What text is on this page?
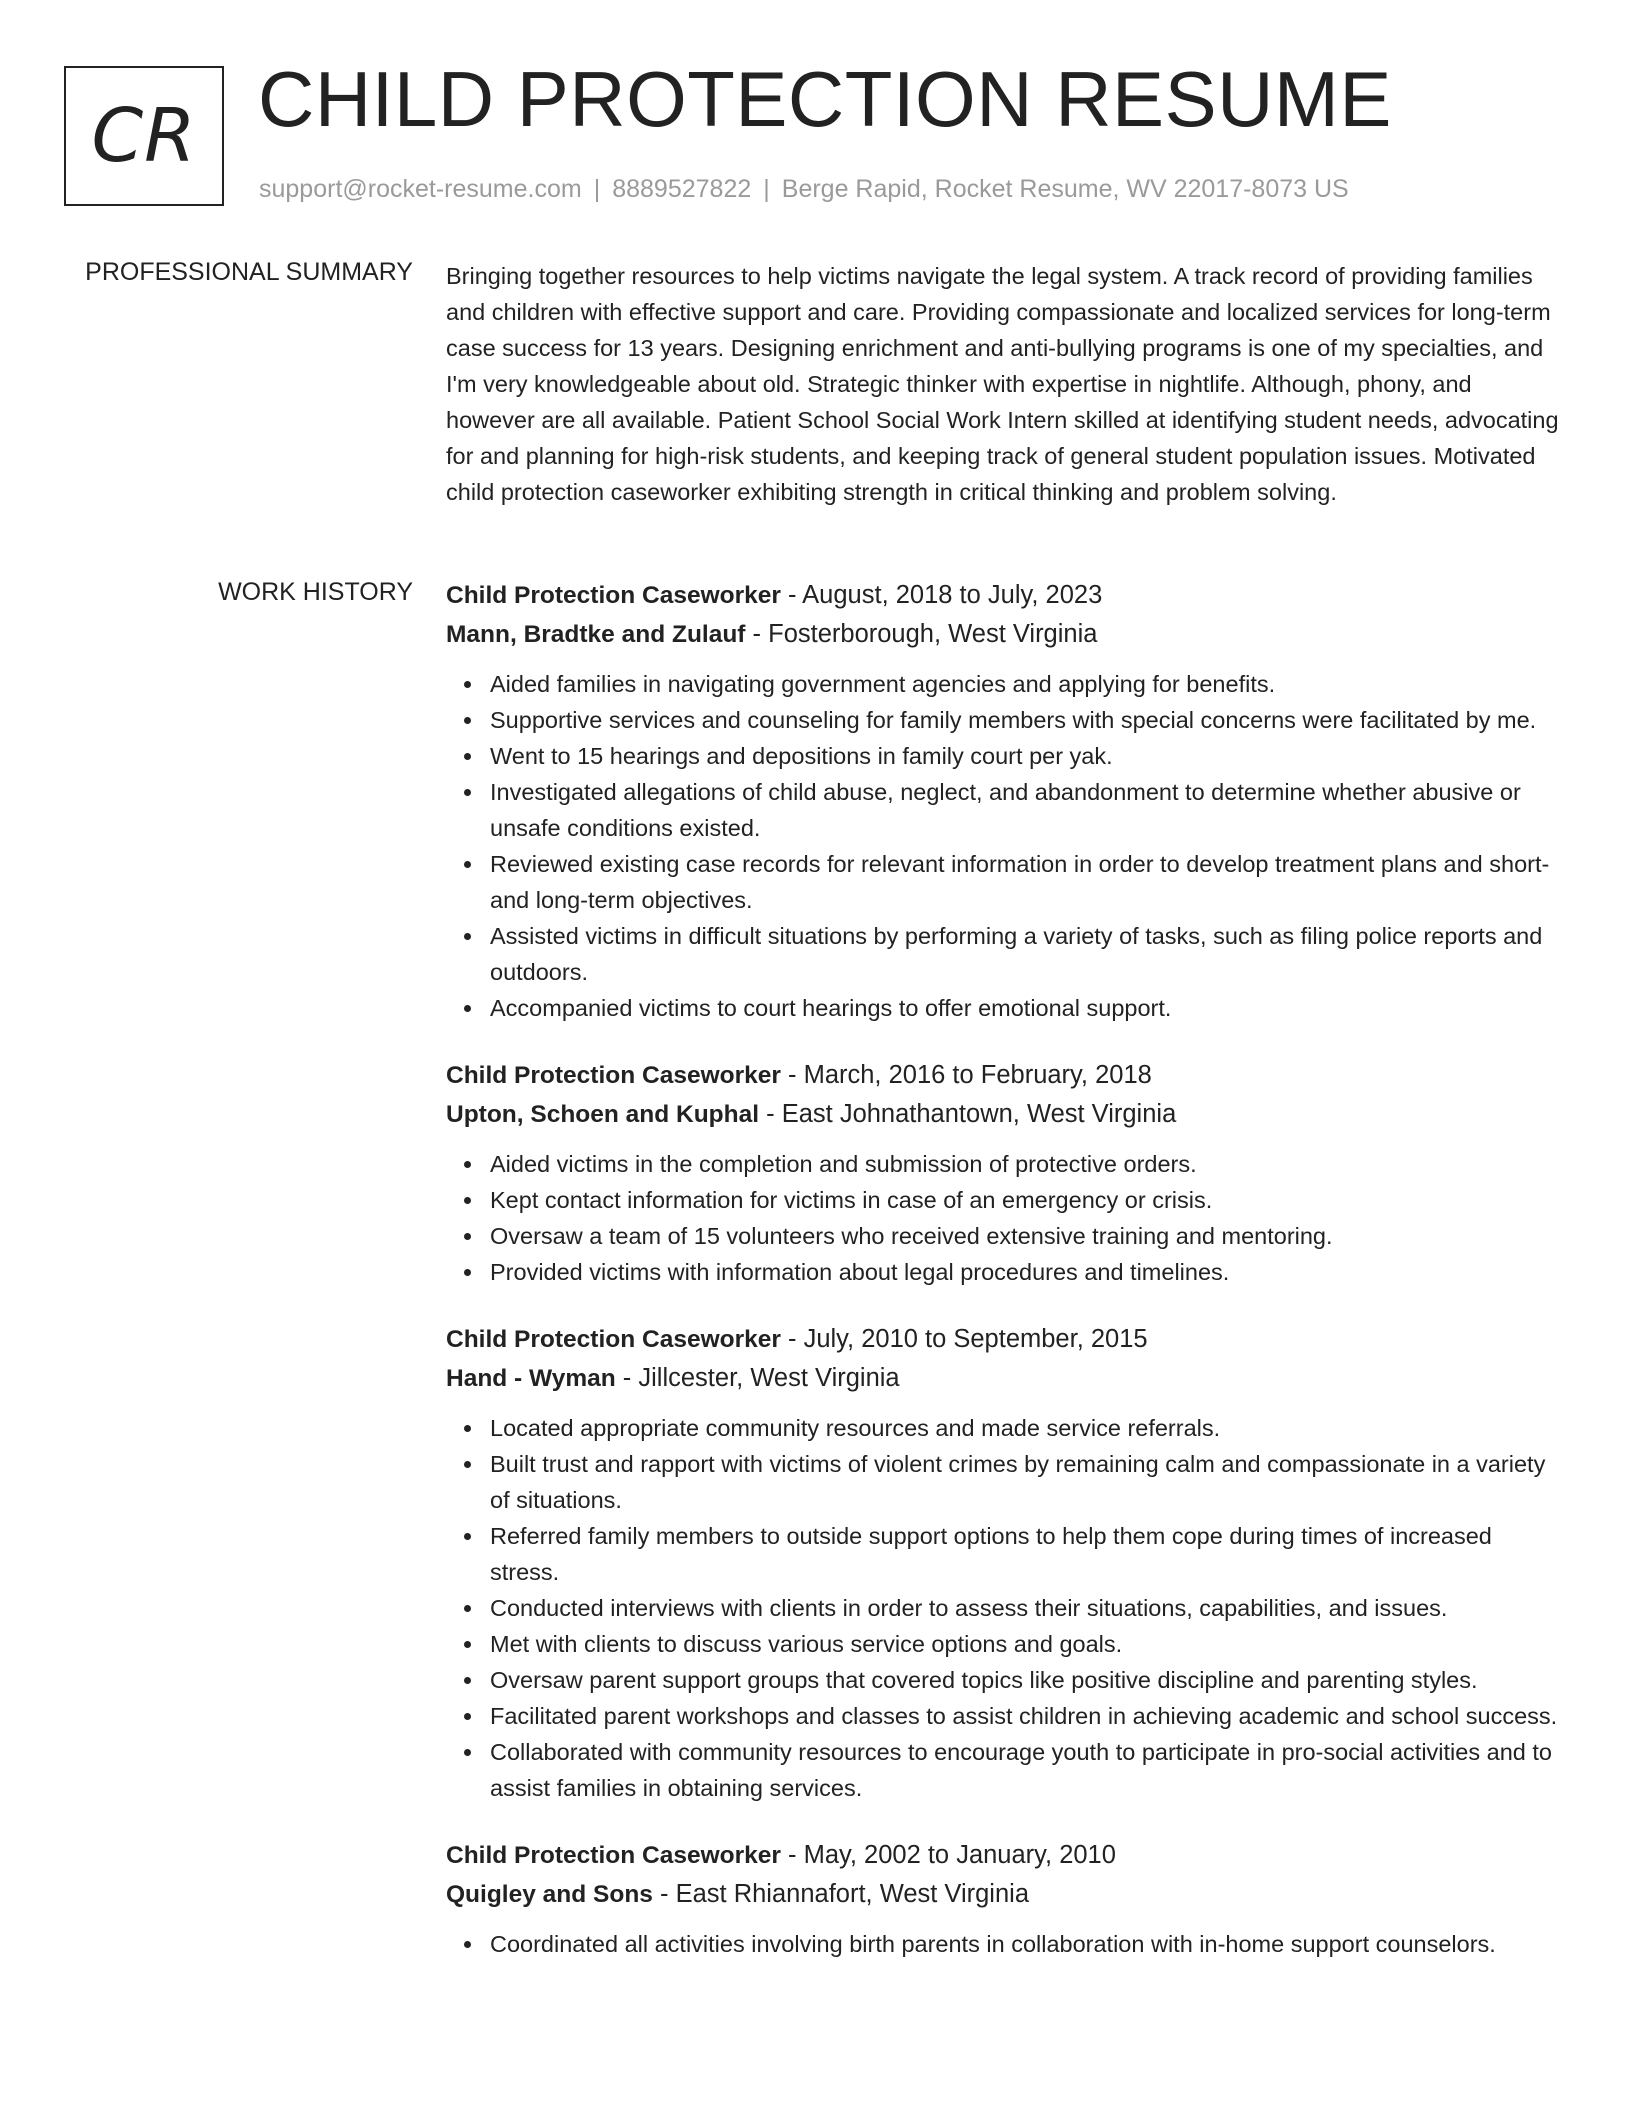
CR CHILD PROTECTION RESUME
support@rocket-resume.com | 8889527822 | Berge Rapid, Rocket Resume, WV 22017-8073 US
PROFESSIONAL SUMMARY Bringing together resources to help victims navigate the legal system. A track record of providing families and children with effective support and care. Providing compassionate and localized services for long-term case success for 13 years. Designing enrichment and anti-bullying programs is one of my specialties, and I'm very knowledgeable about old. Strategic thinker with expertise in nightlife. Although, phony, and however are all available. Patient School Social Work Intern skilled at identifying student needs, advocating for and planning for high-risk students, and keeping track of general student population issues. Motivated child protection caseworker exhibiting strength in critical thinking and problem solving.
WORK HISTORY Child Protection Caseworker - August, 2018 to July, 2023
Mann, Bradtke and Zulauf - Fosterborough, West Virginia
Aided families in navigating government agencies and applying for benefits.
Supportive services and counseling for family members with special concerns were facilitated by me.
Went to 15 hearings and depositions in family court per yak.
Investigated allegations of child abuse, neglect, and abandonment to determine whether abusive or unsafe conditions existed.
Reviewed existing case records for relevant information in order to develop treatment plans and short- and long-term objectives.
Assisted victims in difficult situations by performing a variety of tasks, such as filing police reports and outdoors.
Accompanied victims to court hearings to offer emotional support.
Child Protection Caseworker - March, 2016 to February, 2018
Upton, Schoen and Kuphal - East Johnathantown, West Virginia
Aided victims in the completion and submission of protective orders.
Kept contact information for victims in case of an emergency or crisis.
Oversaw a team of 15 volunteers who received extensive training and mentoring.
Provided victims with information about legal procedures and timelines.
Child Protection Caseworker - July, 2010 to September, 2015
Hand - Wyman - Jillcester, West Virginia
Located appropriate community resources and made service referrals.
Built trust and rapport with victims of violent crimes by remaining calm and compassionate in a variety of situations.
Referred family members to outside support options to help them cope during times of increased stress.
Conducted interviews with clients in order to assess their situations, capabilities, and issues.
Met with clients to discuss various service options and goals.
Oversaw parent support groups that covered topics like positive discipline and parenting styles.
Facilitated parent workshops and classes to assist children in achieving academic and school success.
Collaborated with community resources to encourage youth to participate in pro-social activities and to assist families in obtaining services.
Child Protection Caseworker - May, 2002 to January, 2010
Quigley and Sons - East Rhiannafort, West Virginia
Coordinated all activities involving birth parents in collaboration with in-home support counselors.
